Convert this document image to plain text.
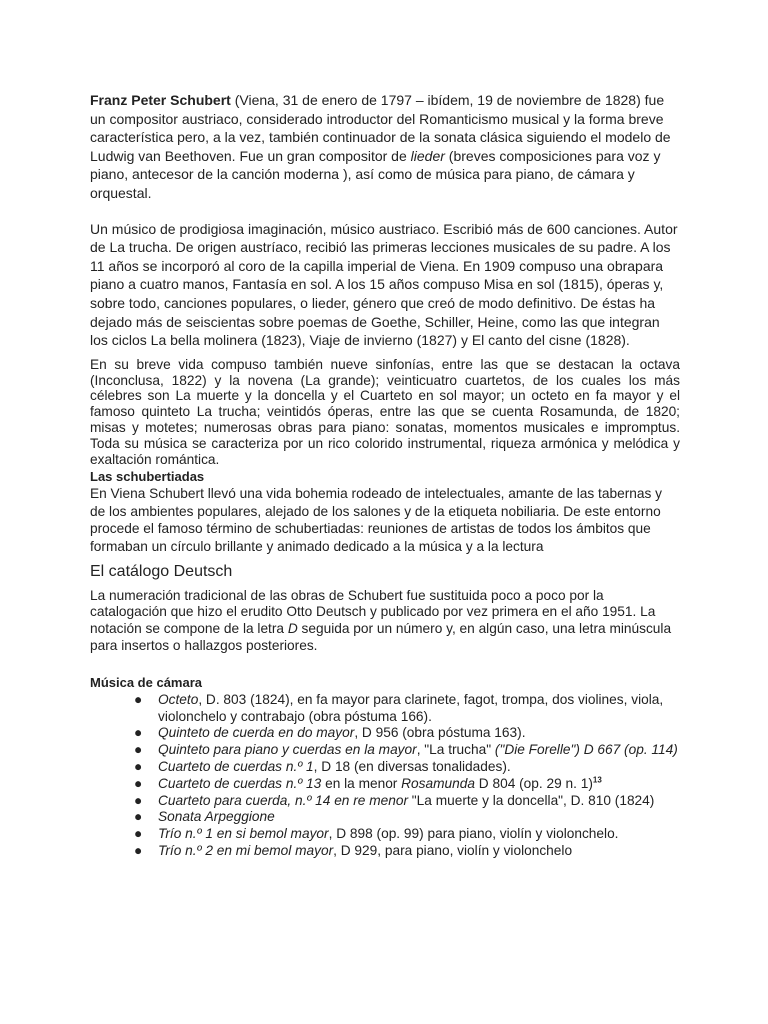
Franz Peter Schubert (Viena, 31 de enero de 1797 – ibídem, 19 de noviembre de 1828) fue un compositor austriaco, considerado introductor del Romanticismo musical y la forma breve característica pero, a la vez, también continuador de la sonata clásica siguiendo el modelo de Ludwig van Beethoven. Fue un gran compositor de lieder (breves composiciones para voz y piano, antecesor de la canción moderna ), así como de música para piano, de cámara y orquestal.

Un músico de prodigiosa imaginación, músico austriaco. Escribió más de 600 canciones. Autor de La trucha. De origen austríaco, recibió las primeras lecciones musicales de su padre. A los 11 años se incorporó al coro de la capilla imperial de Viena. En 1909 compuso una obrapara piano a cuatro manos, Fantasía en sol. A los 15 años compuso Misa en sol (1815), óperas y, sobre todo, canciones populares, o lieder, género que creó de modo definitivo. De éstas ha dejado más de seiscientas sobre poemas de Goethe, Schiller, Heine, como las que integran los ciclos La bella molinera (1823), Viaje de invierno (1827) y El canto del cisne (1828).

En su breve vida compuso también nueve sinfonías, entre las que se destacan la octava (Inconclusa, 1822) y la novena (La grande); veinticuatro cuartetos, de los cuales los más célebres son La muerte y la doncella y el Cuarteto en sol mayor; un octeto en fa mayor y el famoso quinteto La trucha; veintidós óperas, entre las que se cuenta Rosamunda, de 1820; misas y motetes; numerosas obras para piano: sonatas, momentos musicales e impromptus. Toda su música se caracteriza por un rico colorido instrumental, riqueza armónica y melódica y exaltación romántica.

Las schubertiadas

En Viena Schubert llevó una vida bohemia rodeado de intelectuales, amante de las tabernas y de los ambientes populares, alejado de los salones y de la etiqueta nobiliaria. De este entorno procede el famoso término de schubertiadas: reuniones de artistas de todos los ámbitos que formaban un círculo brillante y animado dedicado a la música y a la lectura

El catálogo Deutsch

La numeración tradicional de las obras de Schubert fue sustituida poco a poco por la catalogación que hizo el erudito Otto Deutsch y publicado por vez primera en el año 1951. La notación se compone de la letra D seguida por un número y, en algún caso, una letra minúscula para insertos o hallazgos posteriores.

Música de cámara

● Octeto, D. 803 (1824), en fa mayor para clarinete, fagot, trompa, dos violines, viola, violonchelo y contrabajo (obra póstuma 166).
● Quinteto de cuerda en do mayor, D 956 (obra póstuma 163).
● Quinteto para piano y cuerdas en la mayor, "La trucha" ("Die Forelle") D 667 (op. 114)
● Cuarteto de cuerdas n.º 1, D 18 (en diversas tonalidades).
● Cuarteto de cuerdas n.º 13 en la menor Rosamunda D 804 (op. 29 n. 1)$^{13}$
● Cuarteto para cuerda, n.º 14 en re menor "La muerte y la doncella", D. 810 (1824)
● Sonata Arpeggione
● Trío n.º 1 en si bemol mayor, D 898 (op. 99) para piano, violín y violonchelo.
● Trío n.º 2 en mi bemol mayor, D 929, para piano, violín y violonchelo
